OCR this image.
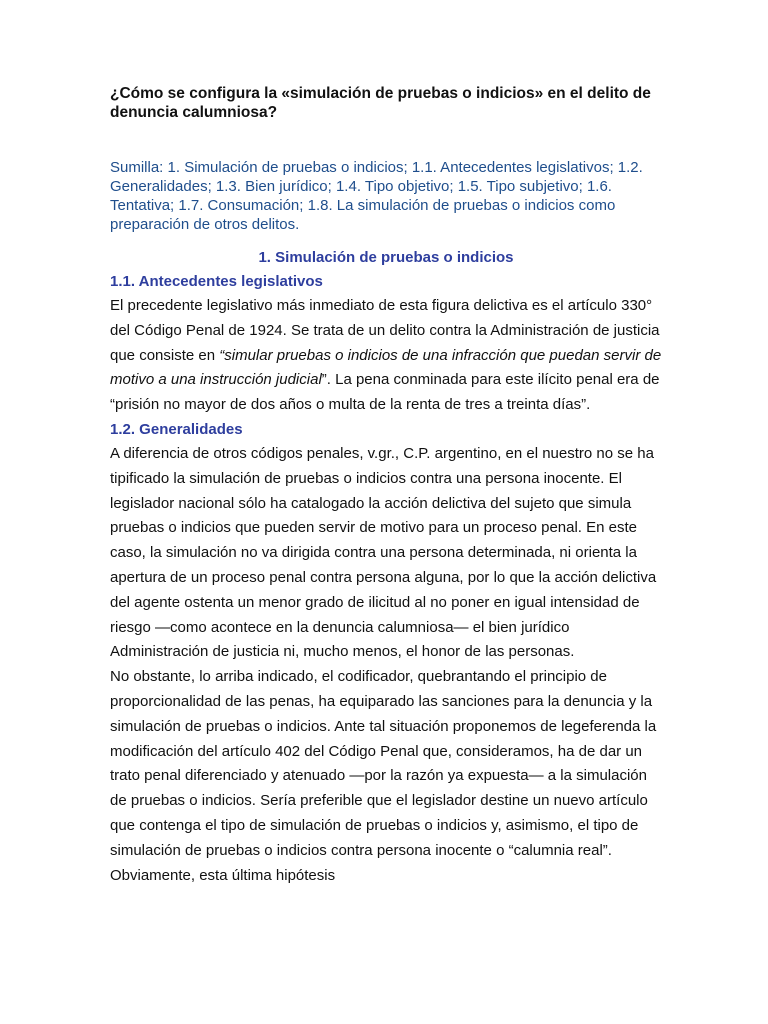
¿Cómo se configura la «simulación de pruebas o indicios» en el delito de denuncia calumniosa?

Sumilla: 1. Simulación de pruebas o indicios; 1.1. Antecedentes legislativos; 1.2. Generalidades; 1.3. Bien jurídico; 1.4. Tipo objetivo; 1.5. Tipo subjetivo; 1.6. Tentativa; 1.7. Consumación; 1.8. La simulación de pruebas o indicios como preparación de otros delitos.

1. Simulación de pruebas o indicios

1.1. Antecedentes legislativos

El precedente legislativo más inmediato de esta figura delictiva es el artículo 330° del Código Penal de 1924. Se trata de un delito contra la Administración de justicia que consiste en “simular pruebas o indicios de una infracción que puedan servir de motivo a una instrucción judicial”. La pena conminada para este ilícito penal era de “prisión no mayor de dos años o multa de la renta de tres a treinta días”.

1.2. Generalidades

A diferencia de otros códigos penales, v.gr., C.P. argentino, en el nuestro no se ha tipificado la simulación de pruebas o indicios contra una persona inocente. El legislador nacional sólo ha catalogado la acción delictiva del sujeto que simula pruebas o indicios que pueden servir de motivo para un proceso penal. En este caso, la simulación no va dirigida contra una persona determinada, ni orienta la apertura de un proceso penal contra persona alguna, por lo que la acción delictiva del agente ostenta un menor grado de ilicitud al no poner en igual intensidad de riesgo —como acontece en la denuncia calumniosa— el bien jurídico Administración de justicia ni, mucho menos, el honor de las personas.

No obstante, lo arriba indicado, el codificador, quebrantando el principio de proporcionalidad de las penas, ha equiparado las sanciones para la denuncia y la simulación de pruebas o indicios. Ante tal situación proponemos de legeferenda la modificación del artículo 402 del Código Penal que, consideramos, ha de dar un trato penal diferenciado y atenuado —por la razón ya expuesta— a la simulación de pruebas o indicios. Sería preferible que el legislador destine un nuevo artículo que contenga el tipo de simulación de pruebas o indicios y, asimismo, el tipo de simulación de pruebas o indicios contra persona inocente o “calumnia real”. Obviamente, esta última hipótesis
